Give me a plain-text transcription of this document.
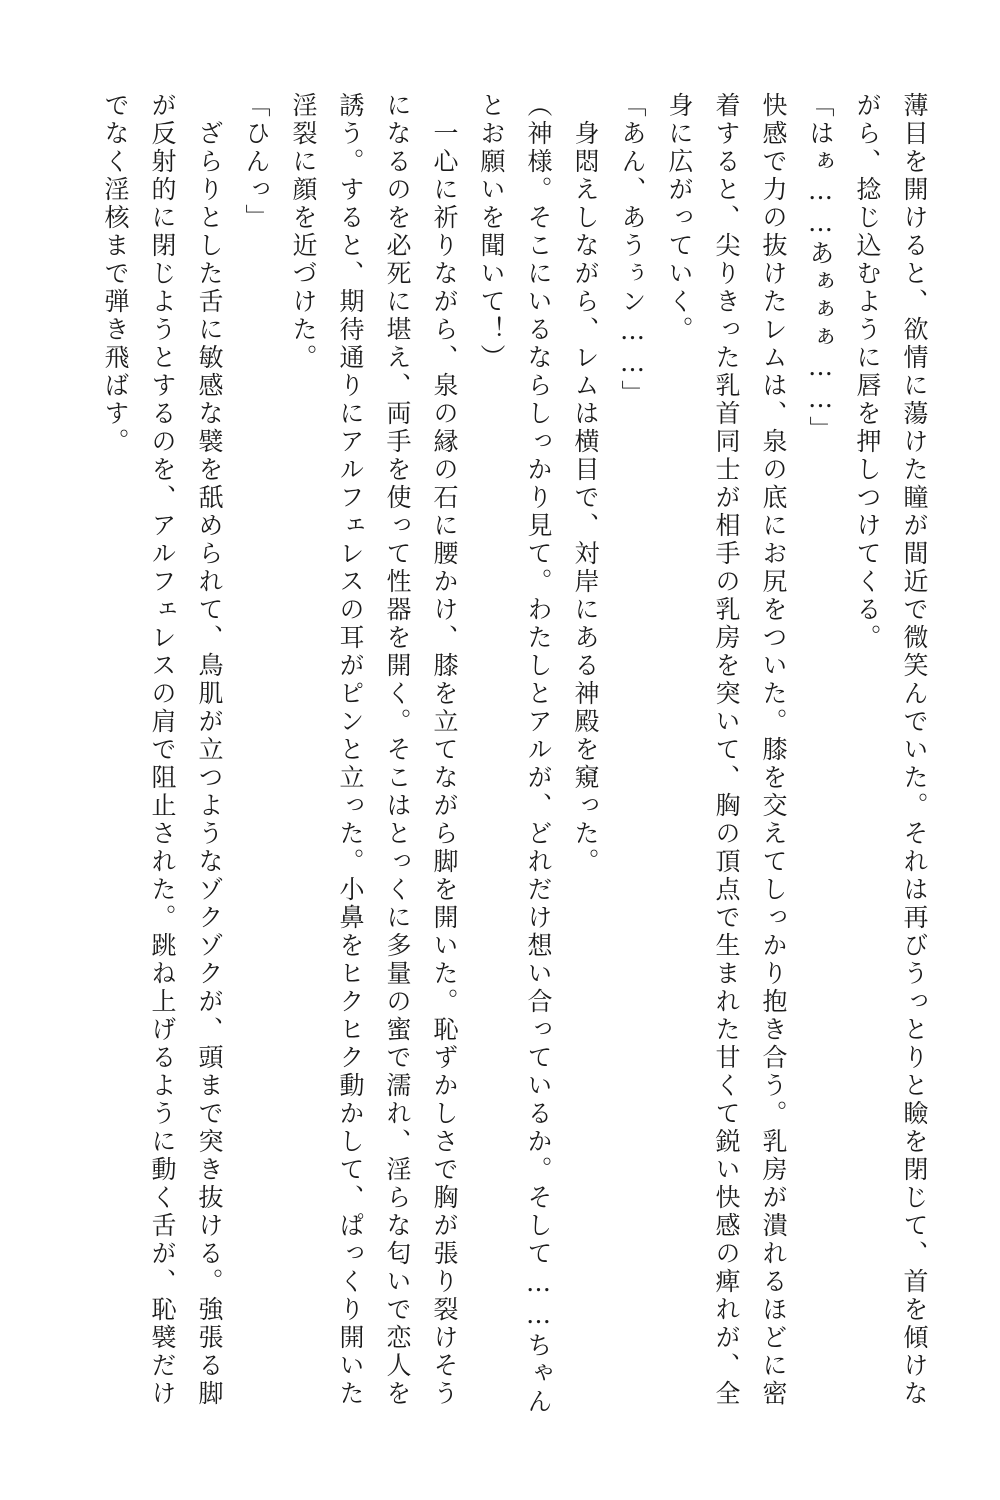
薄目を開けると、欲情に蕩けた瞳が間近で微笑んでいた。それは再びうっとりと瞼を閉じて、首を傾けながら、捻じ込むように唇を押しつけてくる。

「はぁ……あぁぁぁ……」

快感で力の抜けたレムは、泉の底にお尻をついた。膝を交えてしっかり抱き合う。乳房が潰れるほどに密着すると、尖りきった乳首同士が相手の乳房を突いて、胸の頂点で生まれた甘くて鋭い快感の痺れが、全身に広がっていく。

「あん、あうぅン……」

身悶えしながら、レムは横目で、対岸にある神殿を窺った。

（神様。そこにいるならしっかり見て。わたしとアルが、どれだけ想い合っているか。そして……ちゃんとお願いを聞いて！）

一心に祈りながら、泉の縁の石に腰かけ、膝を立てながら脚を開いた。恥ずかしさで胸が張り裂けそうになるのを必死に堪え、両手を使って性器を開く。そこはとっくに多量の蜜で濡れ、淫らな匂いで恋人を誘う。すると、期待通りにアルフェレスの耳がピンと立った。小鼻をヒクヒク動かして、ぱっくり開いた淫裂に顔を近づけた。

「ひんっ」

ざらりとした舌に敏感な襞を舐められて、鳥肌が立つようなゾクゾクが、頭まで突き抜ける。強張る脚が反射的に閉じようとするのを、アルフェレスの肩で阻止された。跳ね上げるように動く舌が、恥襞だけでなく淫核まで弾き飛ばす。
